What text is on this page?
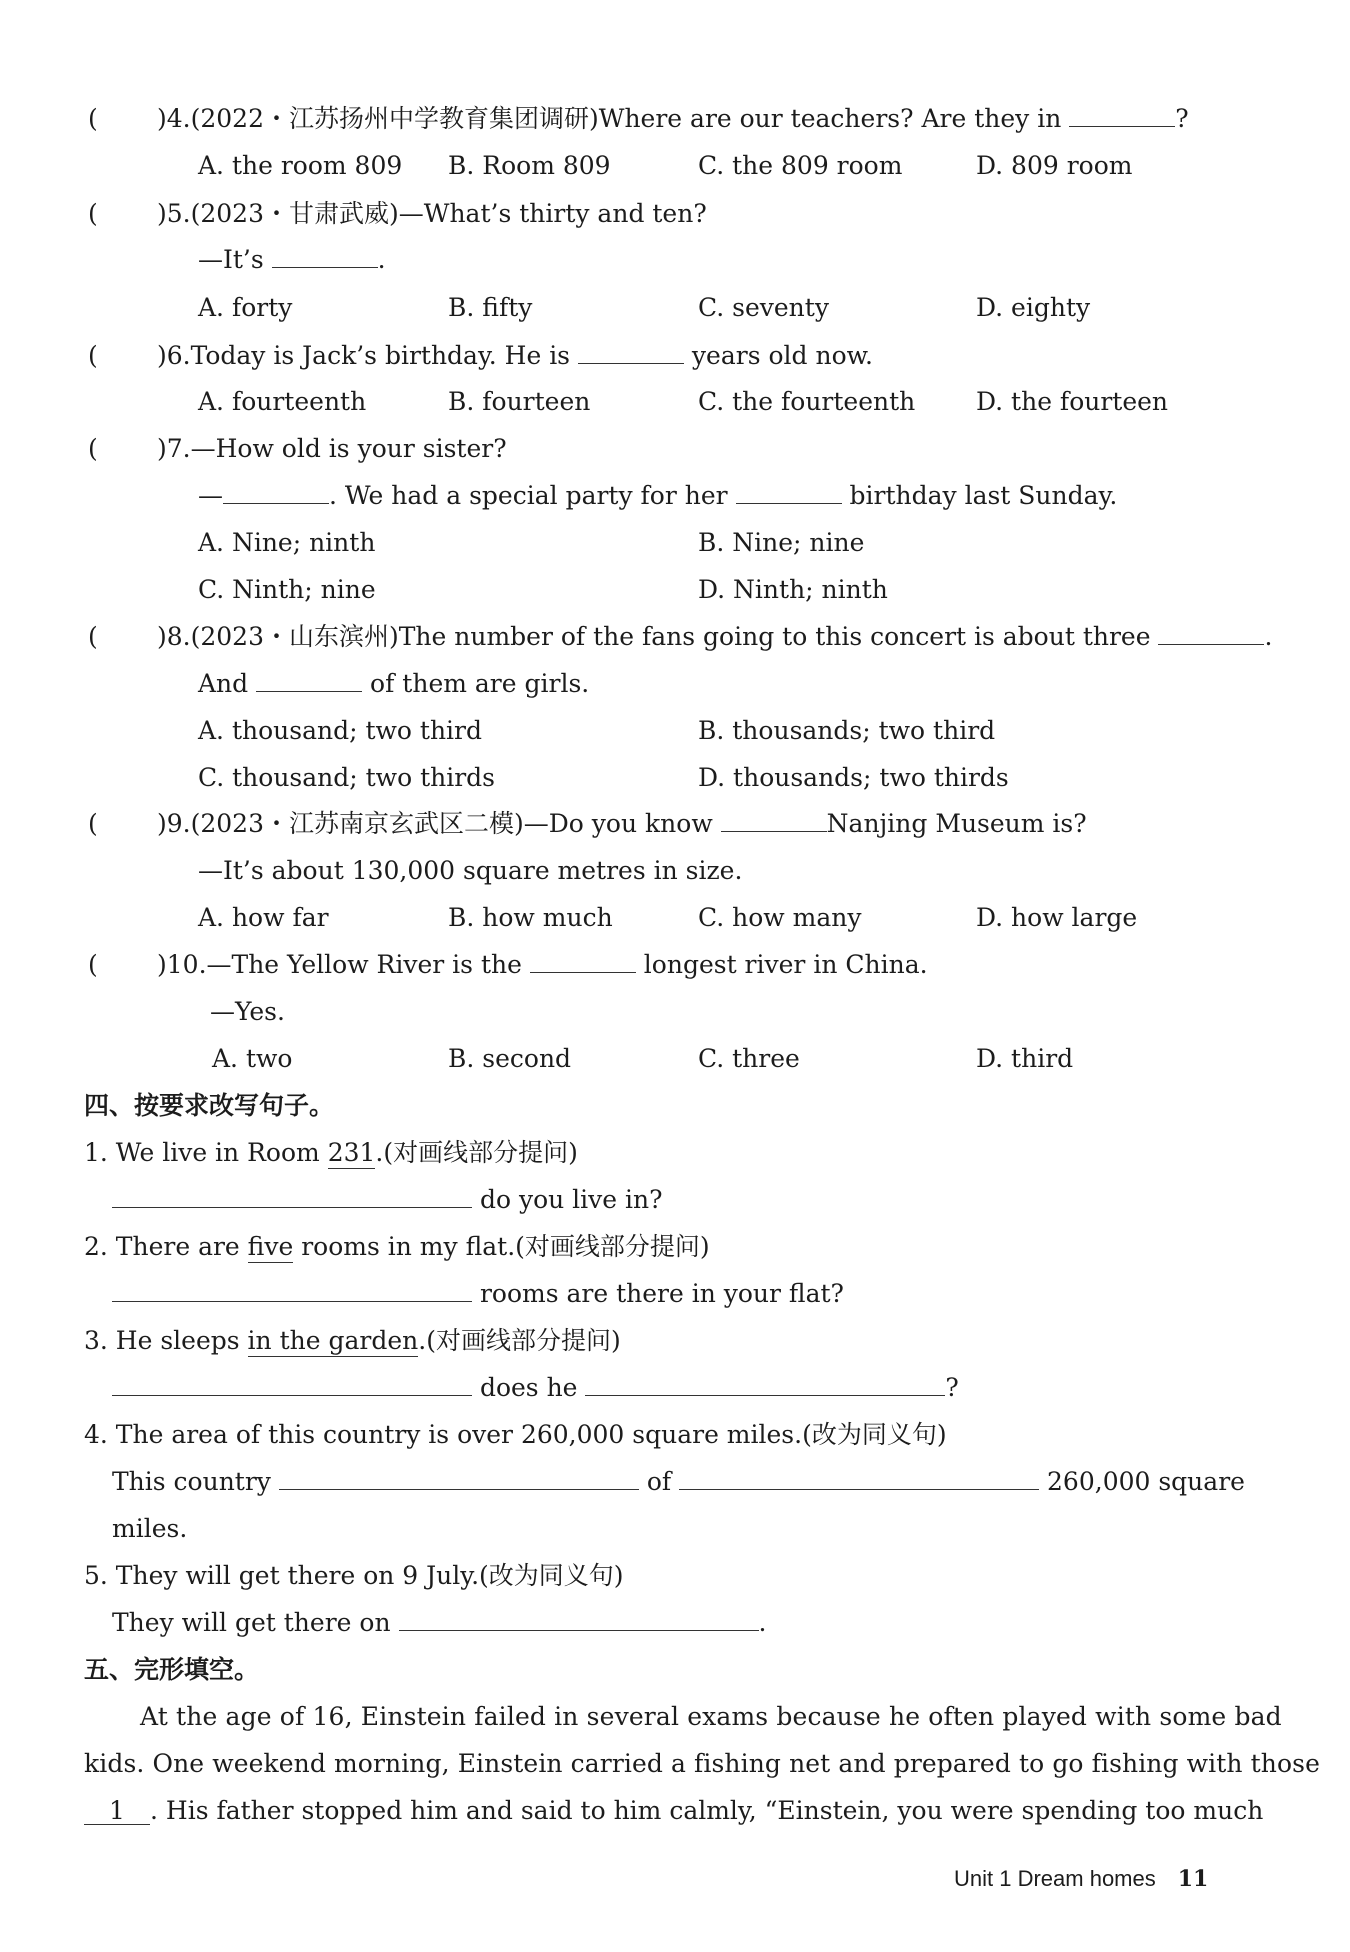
( )4.(2022・江苏扬州中学教育集团调研)Where are our teachers? Are they in	?
A. the room 809 B. Room 809	C. the 809 room	D. 809 room
( )5.(2023・甘肃武威)—What’s thirty and ten?
—It’s	.
A. forty	B. fifty	C. seventy	D. eighty
( )6.Today is Jack’s birthday. He is	years old now.
A. fourteenth	B. fourteen	C. the fourteenth D. the fourteen
( )7.—How old is your sister?
—	. We had a special party for her	birthday last Sunday.
A. Nine; ninth	B. Nine; nine
C. Ninth; nine	D. Ninth; ninth
( )8.(2023・山东滨州)The number of the fans going to this concert is about three	.
And	of them are girls.
A. thousand; two third	B. thousands; two third
C. thousand; two thirds	D. thousands; two thirds
( )9.(2023・江苏南京玄武区二模)—Do you know	Nanjing Museum is?
—It’s about 130,000 square metres in size.
A. how far	B. how much	C. how many	D. how large
( )10.—The Yellow River is the	longest river in China.
—Yes.
A. two	B. second	C. three	D. third
四、按要求改写句子。
1. We live in Room 231.(对画线部分提问)
do you live in?
2. There are five rooms in my flat.(对画线部分提问)
rooms are there in your flat?
3. He sleeps in the garden.(对画线部分提问)
does he	?
4. The area of this country is over 260,000 square miles.(改为同义句)
This country	of	260,000 square
miles.
5. They will get there on 9 July.(改为同义句)
They will get there on	.
五、完形填空。
At the age of 16, Einstein failed in several exams because he often played with some bad
kids. One weekend morning, Einstein carried a fishing net and prepared to go fishing with those
1 . His father stopped him and said to him calmly, “Einstein, you were spending too much
Unit 1 Dream homes 11
